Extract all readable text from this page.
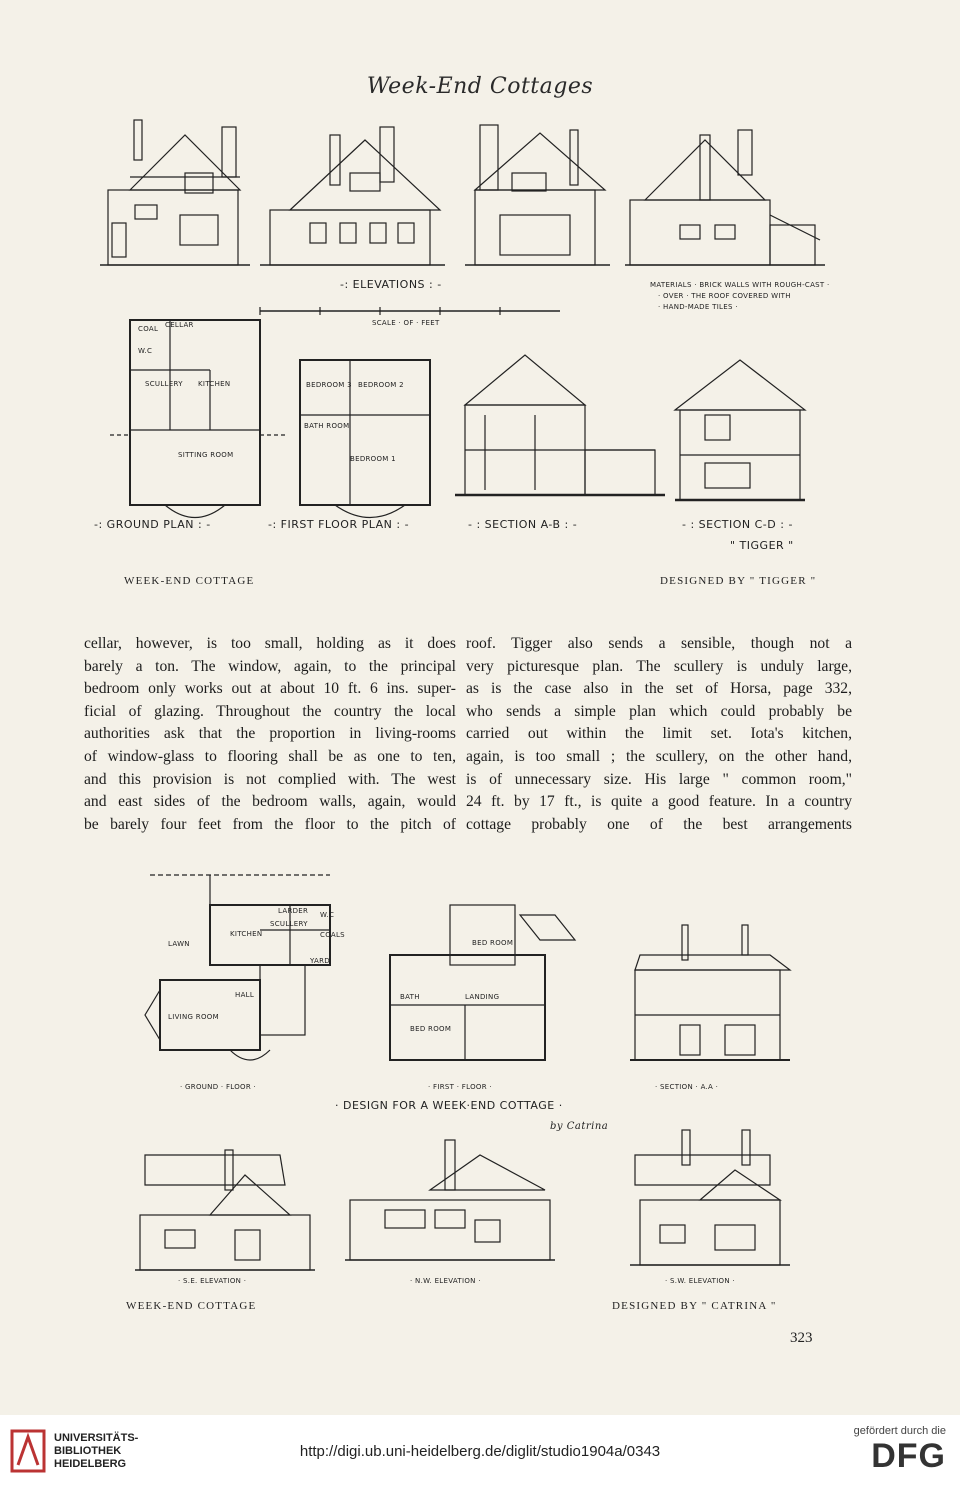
Week-End Cottages
-: ELEVATIONS : -
SCALE · OF · FEET
MATERIALS · BRICK WALLS WITH ROUGH-CAST ·
· OVER · THE ROOF COVERED WITH
· HAND-MADE TILES ·
COAL CELLAR
W.C
SCULLERY KITCHEN
SITTING ROOM
BEDROOM 3 BEDROOM 2
BATH ROOM
BEDROOM 1
-: GROUND PLAN : -	-: FIRST FLOOR PLAN : -	- : SECTION A-B : -	- : SECTION C-D : -
" TIGGER "
WEEK-END COTTAGE	DESIGNED BY " TIGGER "
cellar, however, is too small, holding as it does
barely a ton. The window, again, to the principal
bedroom only works out at about 10 ft. 6 ins. super-
ficial of glazing. Throughout the country the local
authorities ask that the proportion in living-rooms
of window-glass to flooring shall be as one to ten,
and this provision is not complied with. The west
and east sides of the bedroom walls, again, would
be barely four feet from the floor to the pitch of
roof. Tigger also sends a sensible, though not a
very picturesque plan. The scullery is unduly large,
as is the case also in the set of Horsa, page 332,
who sends a simple plan which could probably be
carried out within the limit set. Iota's kitchen,
again, is too small ; the scullery, on the other hand,
is of unnecessary size. His large " common room,"
24 ft. by 17 ft., is quite a good feature. In a country
cottage probably one of the best arrangements
LAWN
KITCHEN
SCULLERY
LARDER W.C
COALS
YARD
HALL
LIVING ROOM
BED ROOM
BATH	LANDING
BED ROOM
· GROUND · FLOOR ·	· FIRST · FLOOR ·	· SECTION · A.A ·
· DESIGN FOR A WEEK·END COTTAGE ·
by Catrina
· S.E. ELEVATION ·	· N.W. ELEVATION ·	· S.W. ELEVATION ·
WEEK-END COTTAGE	DESIGNED BY " CATRINA "
323
UNIVERSITÄTS-
BIBLIOTHEK
HEIDELBERG
http://digi.ub.uni-heidelberg.de/diglit/studio1904a/0343
gefördert durch die
DFG
